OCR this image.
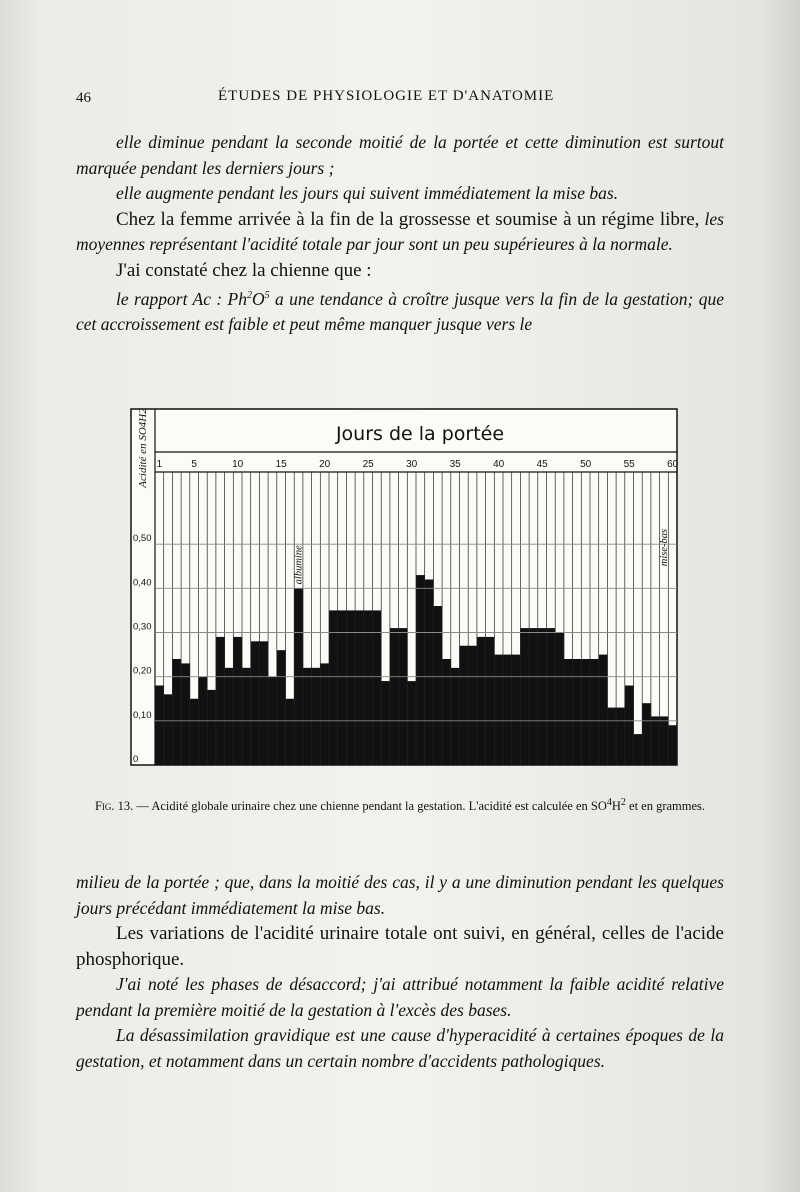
46	ÉTUDES DE PHYSIOLOGIE ET D'ANATOMIE

elle diminue pendant la seconde moitié de la portée et cette diminution est surtout marquée pendant les derniers jours ;

elle augmente pendant les jours qui suivent immédiatement la mise bas.

Chez la femme arrivée à la fin de la grossesse et soumise à un régime libre, les moyennes représentant l'acidité totale par jour sont un peu supérieures à la normale.

J'ai constaté chez la chienne que :

le rapport Ac : $Ph^2O^5$ a une tendance à croître jusque vers la fin de la gestation; que cet accroissement est faible et peut même manquer jusque vers le

Jours de la portée
Acidité en SO4H2 1	5	10	15	20	25	30	35	40	45	50	55	60
0
0,10
0,20
0,30
0,40
0,50
albumine	mise-bas
Fig. 13. — Acidité globale urinaire chez une chienne pendant la gestation. L'acidité est calculée en $SO^4H^2$ et en grammes.

milieu de la portée ; que, dans la moitié des cas, il y a une diminution pendant les quelques jours précédant immédiatement la mise bas.

Les variations de l'acidité urinaire totale ont suivi, en général, celles de l'acide phosphorique.

J'ai noté les phases de désaccord; j'ai attribué notamment la faible acidité relative pendant la première moitié de la gestation à l'excès des bases.

La désassimilation gravidique est une cause d'hyperacidité à certaines époques de la gestation, et notamment dans un certain nombre d'accidents pathologiques.
